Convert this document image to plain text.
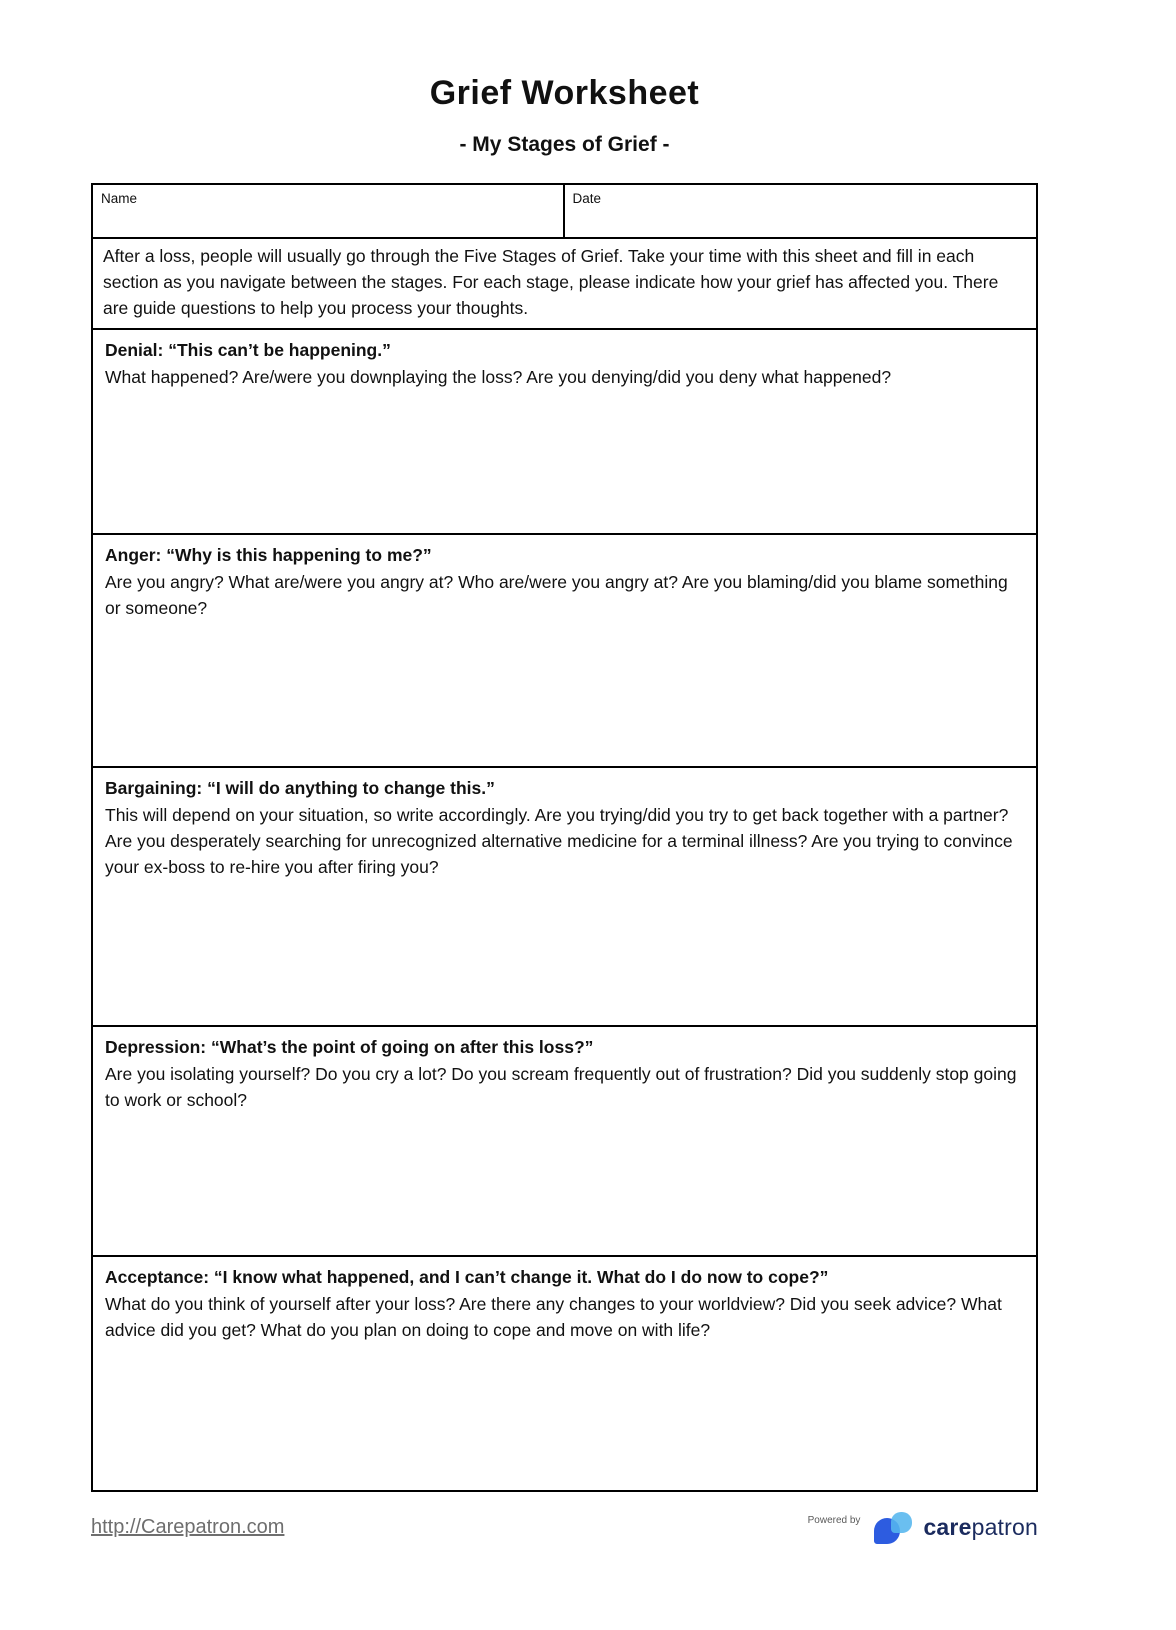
Grief Worksheet
- My Stages of Grief -
Name	Date
After a loss, people will usually go through the Five Stages of Grief. Take your time with this sheet and fill in each section as you navigate between the stages. For each stage, please indicate how your grief has affected you. There are guide questions to help you process your thoughts.
Denial: “This can’t be happening.”
What happened? Are/were you downplaying the loss? Are you denying/did you deny what happened?
Anger: “Why is this happening to me?”
Are you angry? What are/were you angry at? Who are/were you angry at? Are you blaming/did you blame something or someone?
Bargaining: “I will do anything to change this.”
This will depend on your situation, so write accordingly. Are you trying/did you try to get back together with a partner? Are you desperately searching for unrecognized alternative medicine for a terminal illness? Are you trying to convince your ex-boss to re-hire you after firing you?
Depression: “What’s the point of going on after this loss?”
Are you isolating yourself? Do you cry a lot? Do you scream frequently out of frustration? Did you suddenly stop going to work or school?
Acceptance: “I know what happened, and I can’t change it. What do I do now to cope?”
What do you think of yourself after your loss? Are there any changes to your worldview? Did you seek advice? What advice did you get? What do you plan on doing to cope and move on with life?
http://Carepatron.com	Powered by	carepatron
